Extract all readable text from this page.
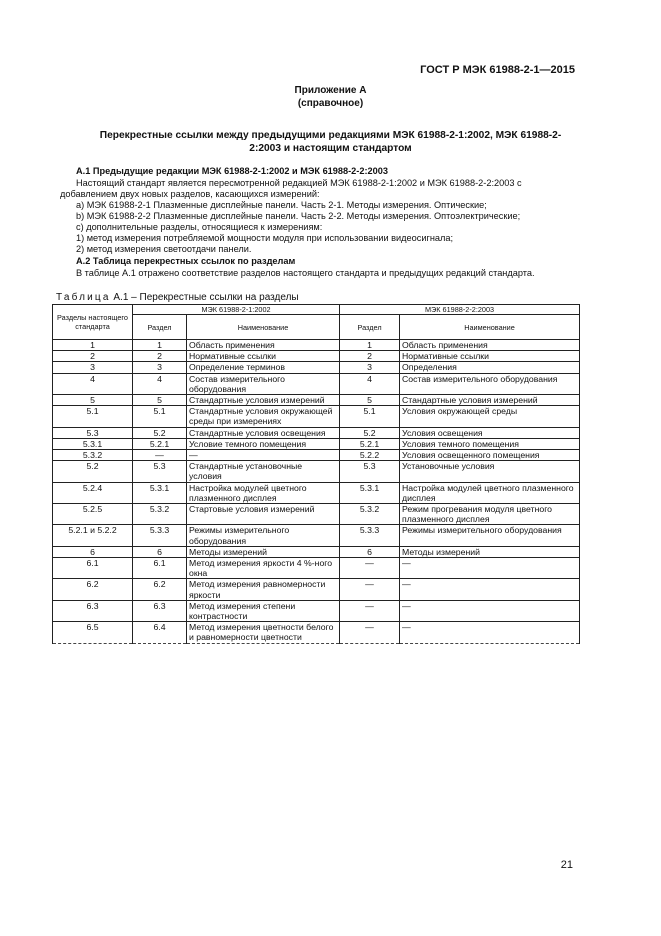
ГОСТ Р МЭК 61988-2-1—2015
Приложение А
(справочное)
Перекрестные ссылки между предыдущими редакциями МЭК 61988-2-1:2002, МЭК 61988-2-
2:2003 и настоящим стандартом
А.1 Предыдущие редакции МЭК 61988-2-1:2002 и МЭК 61988-2-2:2003
Настоящий стандарт является пересмотренной редакцией МЭК 61988-2-1:2002 и МЭК 61988-2-2:2003 с
добавлением двух новых разделов, касающихся измерений:
a) МЭК 61988-2-1 Плазменные дисплейные панели. Часть 2-1. Методы измерения. Оптические;
b) МЭК 61988-2-2 Плазменные дисплейные панели. Часть 2-2. Методы измерения. Оптоэлектрические;
c) дополнительные разделы, относящиеся к измерениям:
1) метод измерения потребляемой мощности модуля при использовании видеосигнала;
2) метод измерения светоотдачи панели.
А.2 Таблица перекрестных ссылок по разделам
В таблице А.1 отражено соответствие разделов настоящего стандарта и предыдущих редакций стандарта.
Таблица А.1 – Перекрестные ссылки на разделы
Разделы настоящего стандарта	МЭК 61988-2-1:2002		МЭК 61988-2-2:2003	
	Раздел	Наименование	Раздел	Наименование
1	1	Область применения	1	Область применения
2	2	Нормативные ссылки	2	Нормативные ссылки
3	3	Определение терминов	3	Определения
4	4	Состав измерительного оборудования	4	Состав измерительного оборудования
5	5	Стандартные условия измерений	5	Стандартные условия измерений
5.1	5.1	Стандартные условия окружающей среды при измерениях	5.1	Условия окружающей среды
5.3	5.2	Стандартные условия освещения	5.2	Условия освещения
5.3.1	5.2.1	Условие темного помещения	5.2.1	Условия темного помещения
5.3.2	—	—	5.2.2	Условия освещенного помещения
5.2	5.3	Стандартные установочные условия	5.3	Установочные условия
5.2.4	5.3.1	Настройка модулей цветного плазменного дисплея	5.3.1	Настройка модулей цветного плазменного дисплея
5.2.5	5.3.2	Стартовые условия измерений	5.3.2	Режим прогревания модуля цветного плазменного дисплея
5.2.1 и 5.2.2	5.3.3	Режимы измерительного оборудования	5.3.3	Режимы измерительного оборудования
6	6	Методы измерений	6	Методы измерений
6.1	6.1	Метод измерения яркости 4 %-ного окна	—	—
6.2	6.2	Метод измерения равномерности яркости	—	—
6.3	6.3	Метод измерения степени контрастности	—	—
6.5	6.4	Метод измерения цветности белого и равномерности цветности	—	—
21
